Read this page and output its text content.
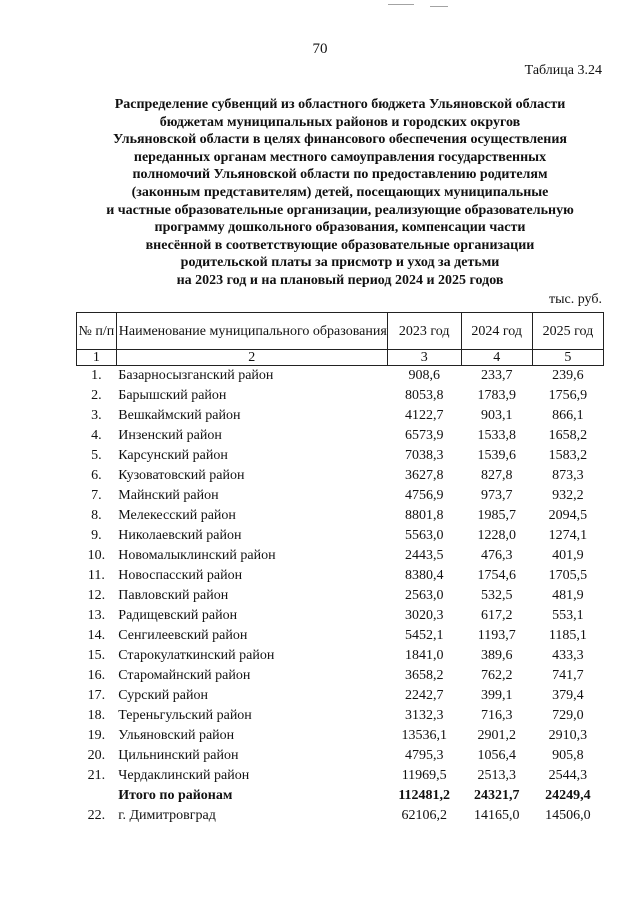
70
Таблица 3.24
Распределение субвенций из областного бюджета Ульяновской области
бюджетам муниципальных районов и городских округов
Ульяновской области в целях финансового обеспечения осуществления
переданных органам местного самоуправления государственных
полномочий Ульяновской области по предоставлению родителям
(законным представителям) детей, посещающих муниципальные
и частные образовательные организации, реализующие образовательную
программу дошкольного образования, компенсации части
внесённой в соответствующие образовательные организации
родительской платы за присмотр и уход за детьми
на 2023 год и на плановый период 2024 и 2025 годов
тыс. руб.
№ п/п	Наименование муниципального образования	2023 год	2024 год	2025 год
1	2	3	4	5
1.	Базарносызганский район	908,6	233,7	239,6
2.	Барышский район	8053,8	1783,9	1756,9
3.	Вешкаймский район	4122,7	903,1	866,1
4.	Инзенский район	6573,9	1533,8	1658,2
5.	Карсунский район	7038,3	1539,6	1583,2
6.	Кузоватовский район	3627,8	827,8	873,3
7.	Майнский район	4756,9	973,7	932,2
8.	Мелекесский район	8801,8	1985,7	2094,5
9.	Николаевский район	5563,0	1228,0	1274,1
10.	Новомалыклинский район	2443,5	476,3	401,9
11.	Новоспасский район	8380,4	1754,6	1705,5
12.	Павловский район	2563,0	532,5	481,9
13.	Радищевский район	3020,3	617,2	553,1
14.	Сенгилеевский район	5452,1	1193,7	1185,1
15.	Старокулаткинский район	1841,0	389,6	433,3
16.	Старомайнский район	3658,2	762,2	741,7
17.	Сурский район	2242,7	399,1	379,4
18.	Тереньгульский район	3132,3	716,3	729,0
19.	Ульяновский район	13536,1	2901,2	2910,3
20.	Цильнинский район	4795,3	1056,4	905,8
21.	Чердаклинский район	11969,5	2513,3	2544,3
	Итого по районам	112481,2	24321,7	24249,4
22.	г. Димитровград	62106,2	14165,0	14506,0
